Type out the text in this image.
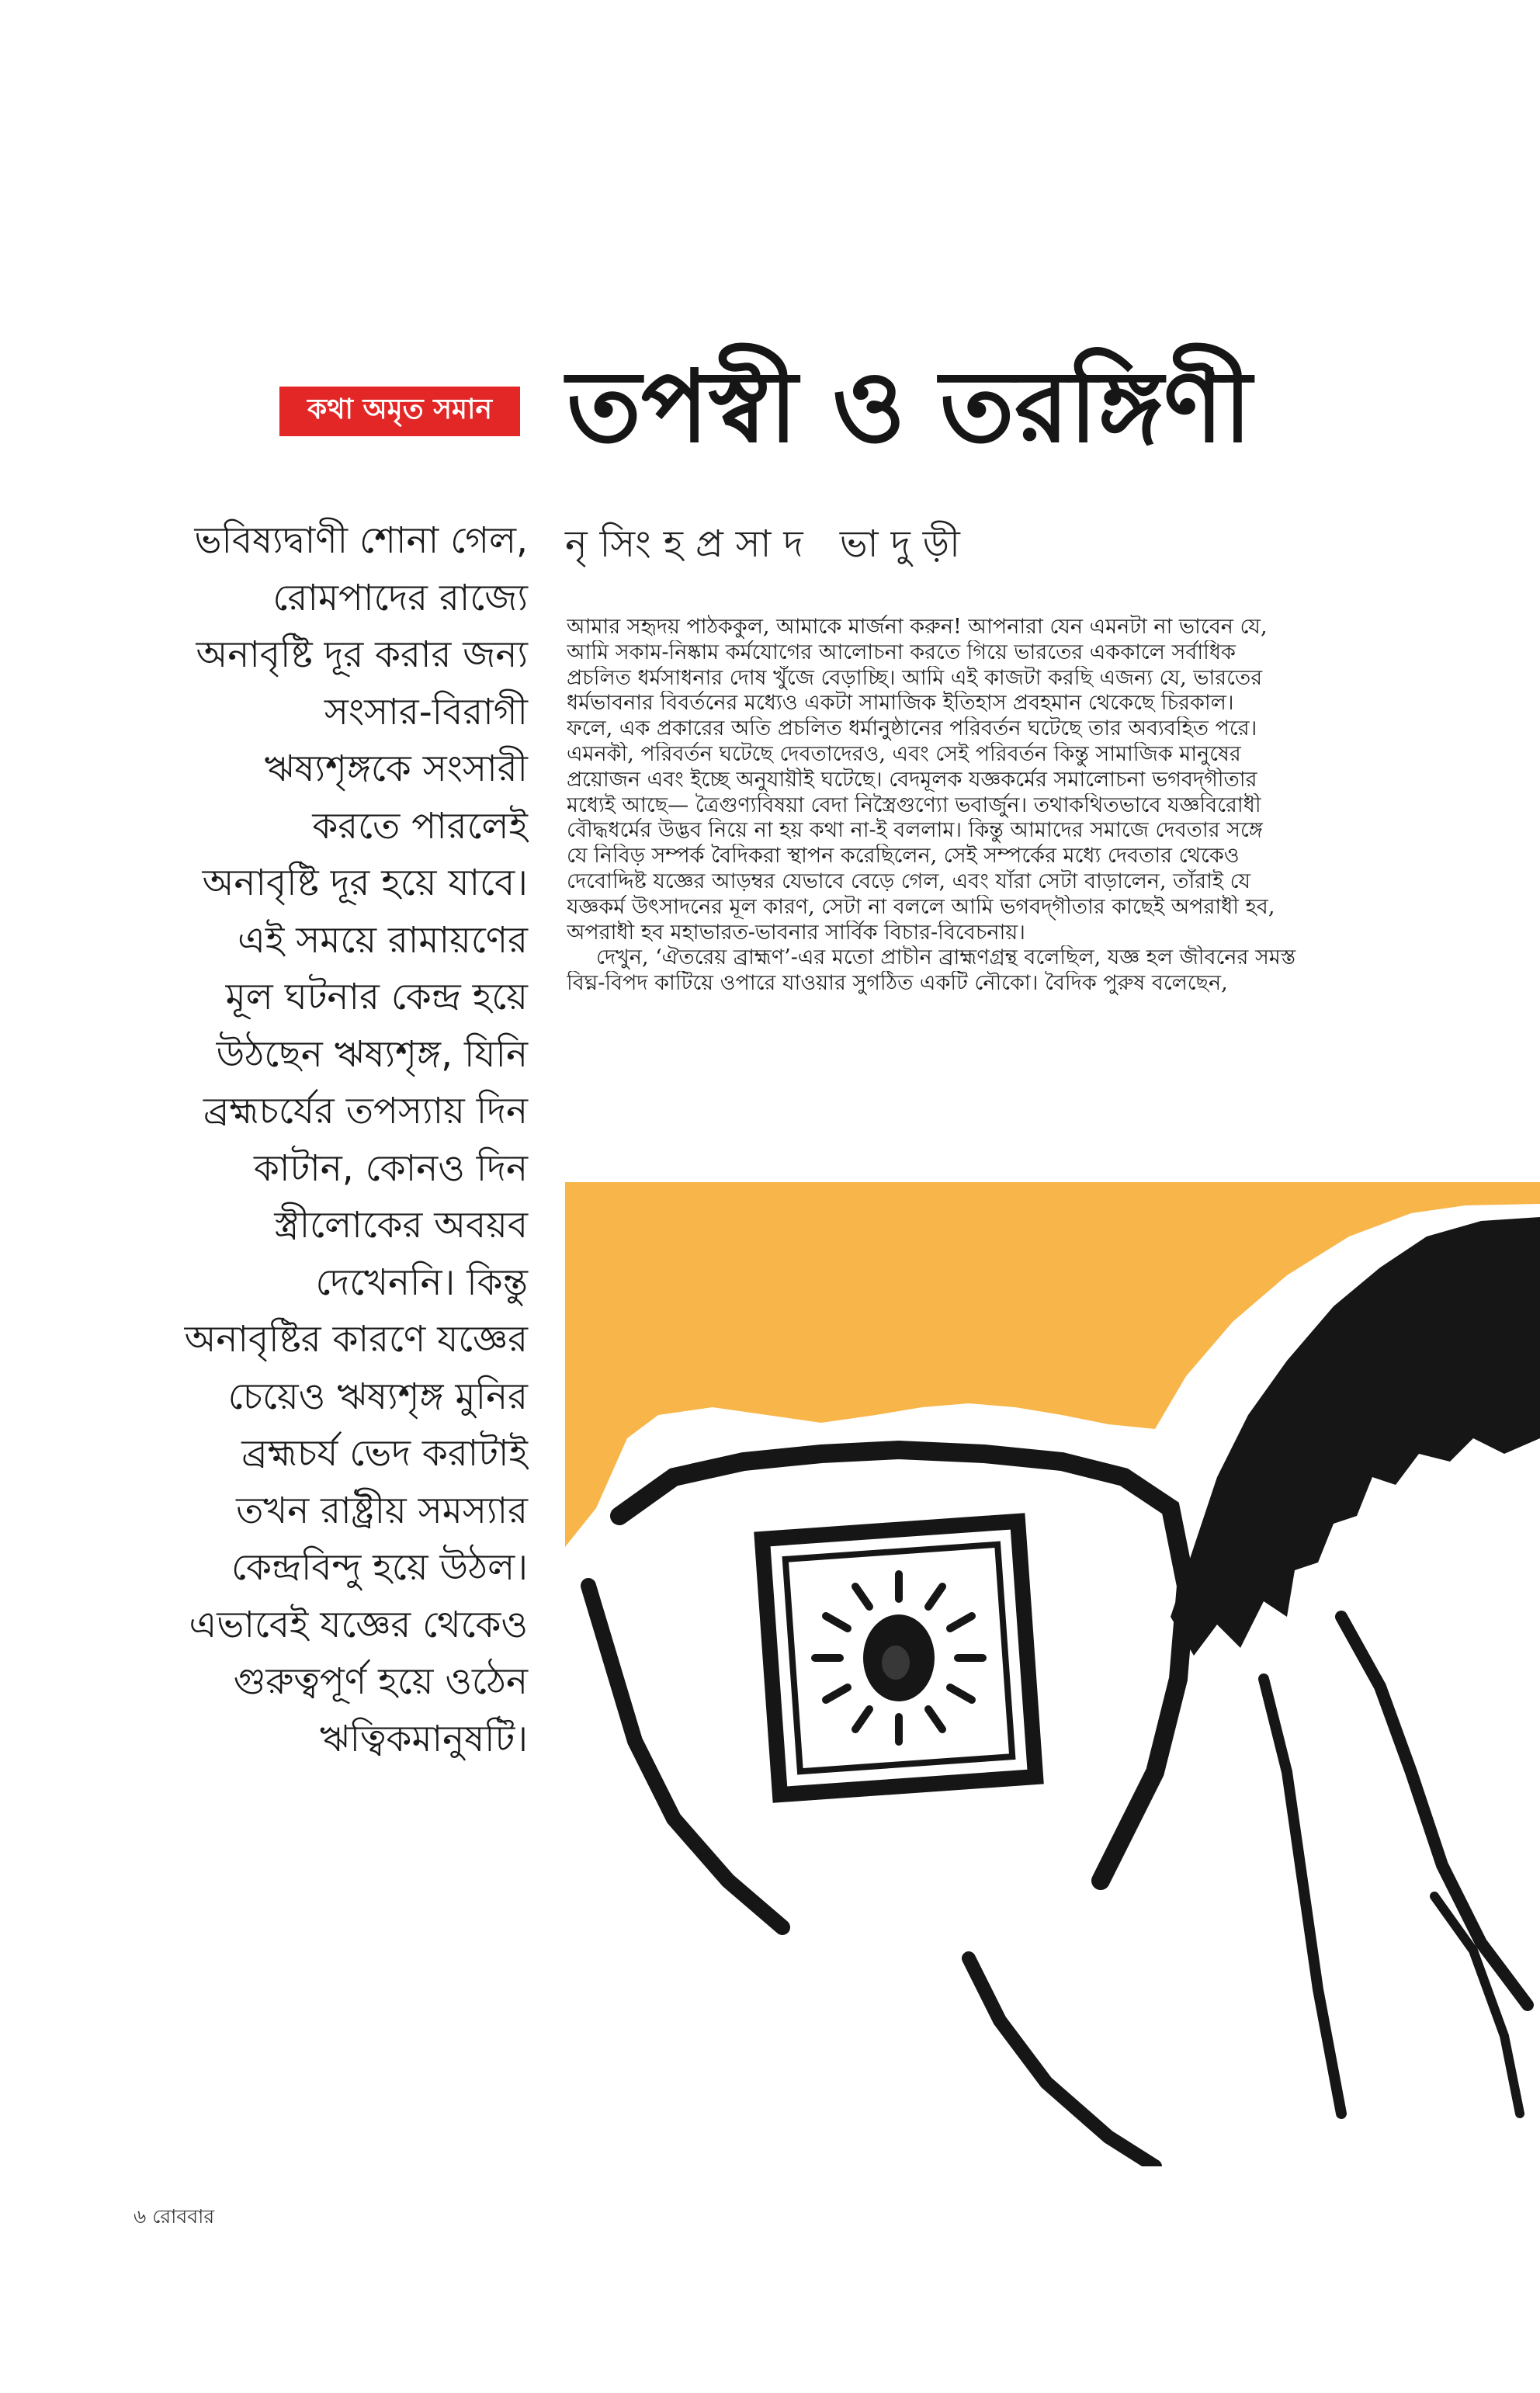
কথা অমৃত সমান তপস্বী ও তরঙ্গিণী
নৃসিংহপ্রসাদ ভাদুড়ী
ভবিষ্যদ্বাণী শোনা গেল,
রোমপাদের রাজ্যে
অনাবৃষ্টি দূর করার জন্য
সংসার-বিরাগী
ঋষ্যশৃঙ্গকে সংসারী
করতে পারলেই
অনাবৃষ্টি দূর হয়ে যাবে।
এই সময়ে রামায়ণের
মূল ঘটনার কেন্দ্র হয়ে
উঠছেন ঋষ্যশৃঙ্গ, যিনি
ব্রহ্মচর্যের তপস্যায় দিন
কাটান, কোনও দিন
স্ত্রীলোকের অবয়ব
দেখেননি। কিন্তু
অনাবৃষ্টির কারণে যজ্ঞের
চেয়েও ঋষ্যশৃঙ্গ মুনির
ব্রহ্মচর্য ভেদ করাটাই
তখন রাষ্ট্রীয় সমস্যার
কেন্দ্রবিন্দু হয়ে উঠল।
এভাবেই যজ্ঞের থেকেও
গুরুত্বপূর্ণ হয়ে ওঠেন
ঋত্বিকমানুষটি।
আমার সহৃদয় পাঠককুল, আমাকে মার্জনা করুন! আপনারা যেন এমনটা না ভাবেন যে,
আমি সকাম-নিষ্কাম কর্মযোগের আলোচনা করতে গিয়ে ভারতের এককালে সর্বাধিক
প্রচলিত ধর্মসাধনার দোষ খুঁজে বেড়াচ্ছি। আমি এই কাজটা করছি এজন্য যে, ভারতের
ধর্মভাবনার বিবর্তনের মধ্যেও একটা সামাজিক ইতিহাস প্রবহমান থেকেছে চিরকাল।
ফলে, এক প্রকারের অতি প্রচলিত ধর্মানুষ্ঠানের পরিবর্তন ঘটেছে তার অব্যবহিত পরে।
এমনকী, পরিবর্তন ঘটেছে দেবতাদেরও, এবং সেই পরিবর্তন কিন্তু সামাজিক মানুষের
প্রয়োজন এবং ইচ্ছে অনুযায়ীই ঘটেছে। বেদমূলক যজ্ঞকর্মের সমালোচনা ভগবদ্‌গীতার
মধ্যেই আছে— ত্রৈগুণ্যবিষয়া বেদা নিস্ত্রৈগুণ্যো ভবার্জুন। তথাকথিতভাবে যজ্ঞবিরোধী
বৌদ্ধধর্মের উদ্ভব নিয়ে না হয় কথা না-ই বললাম। কিন্তু আমাদের সমাজে দেবতার সঙ্গে
যে নিবিড় সম্পর্ক বৈদিকরা স্থাপন করেছিলেন, সেই সম্পর্কের মধ্যে দেবতার থেকেও
দেবোদ্দিষ্ট যজ্ঞের আড়ম্বর যেভাবে বেড়ে গেল, এবং যাঁরা সেটা বাড়ালেন, তাঁরাই যে
যজ্ঞকর্ম উৎসাদনের মূল কারণ, সেটা না বললে আমি ভগবদ্‌গীতার কাছেই অপরাধী হব,
অপরাধী হব মহাভারত-ভাবনার সার্বিক বিচার-বিবেচনায়।
দেখুন, ‘ঐতরেয় ব্রাহ্মণ’-এর মতো প্রাচীন ব্রাহ্মণগ্রন্থ বলেছিল, যজ্ঞ হল জীবনের সমস্ত
বিঘ্ন-বিপদ কাটিয়ে ওপারে যাওয়ার সুগঠিত একটি নৌকো। বৈদিক পুরুষ বলেছেন,
৬ রোববার
